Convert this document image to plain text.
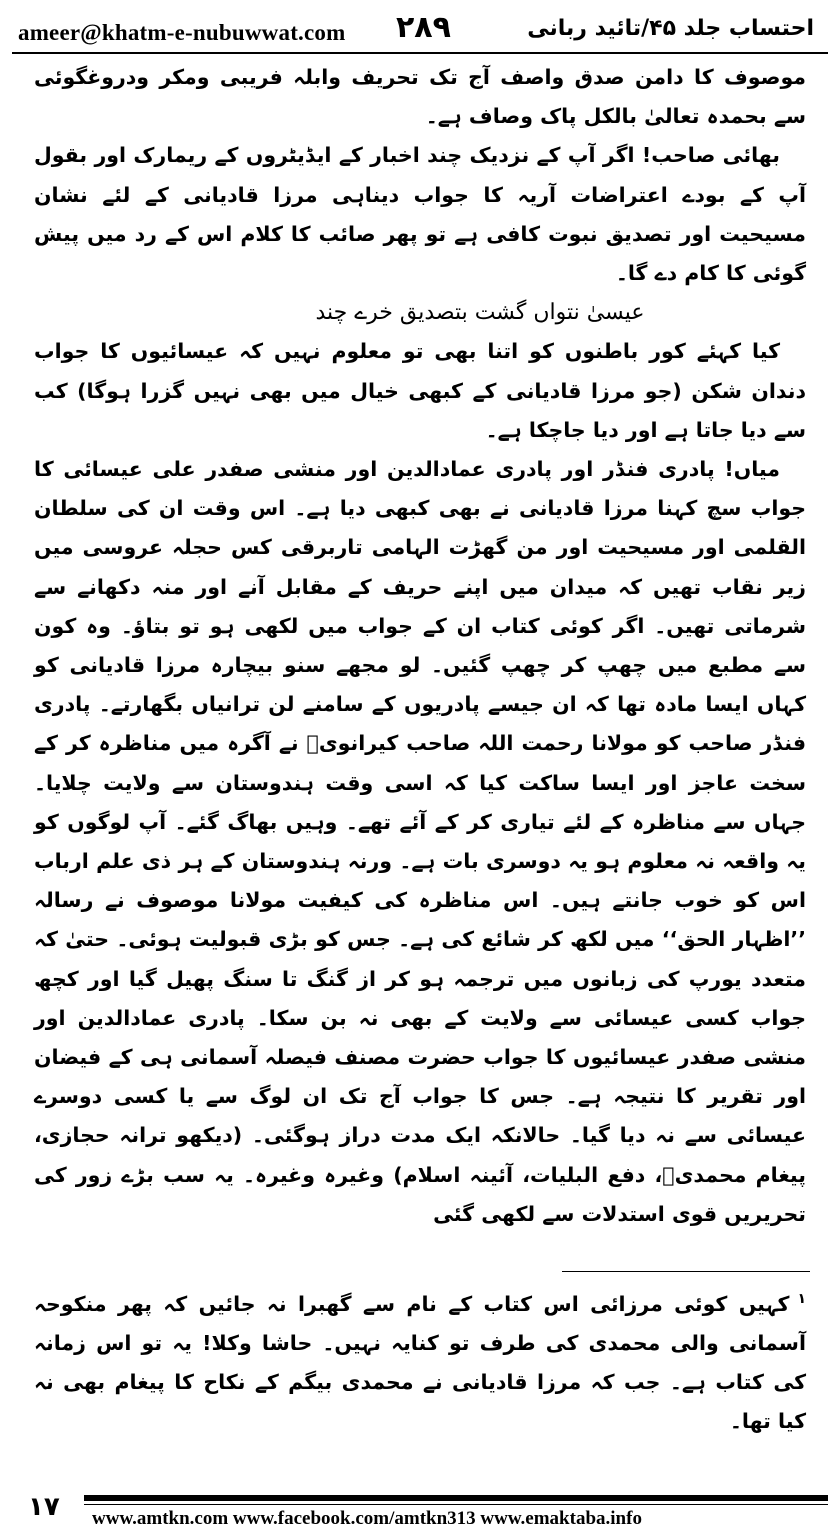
ameer@khatm-e-nubuwwat.com ۲۸۹	احتساب جلد ۴۵/تائید ربانی

موصوف کا دامن صدق واصف آج تک تحریف وابلہ فریبی ومکر ودروغگوئی سے بحمدہ تعالیٰ بالکل پاک وصاف ہے۔

بھائی صاحب! اگر آپ کے نزدیک چند اخبار کے ایڈیٹروں کے ریمارک اور بقول آپ کے بودے اعتراضات آریہ کا جواب دیناہی مرزا قادیانی کے لئے نشان مسیحیت اور تصدیق نبوت کافی ہے تو پھر صائب کا کلام اس کے رد میں پیش گوئی کا کام دے گا۔

عیسیٰ نتواں گشت بتصدیق خرے چند

کیا کہئے کور باطنوں کو اتنا بھی تو معلوم نہیں کہ عیسائیوں کا جواب دندان شکن (جو مرزا قادیانی کے کبھی خیال میں بھی نہیں گزرا ہوگا) کب سے دیا جاتا ہے اور دیا جاچکا ہے۔

میاں! پادری فنڈر اور پادری عمادالدین اور منشی صفدر علی عیسائی کا جواب سچ کہنا مرزا قادیانی نے بھی کبھی دیا ہے۔ اس وقت ان کی سلطان القلمی اور مسیحیت اور من گھڑت الہامی تاربرقی کس حجلہ عروسی میں زیر نقاب تھیں کہ میدان میں اپنے حریف کے مقابل آنے اور منہ دکھانے سے شرماتی تھیں۔ اگر کوئی کتاب ان کے جواب میں لکھی ہو تو بتاؤ۔ وہ کون سے مطبع میں چھپ کر چھپ گئیں۔ لو مجھے سنو بیچارہ مرزا قادیانی کو کہاں ایسا مادہ تھا کہ ان جیسے پادریوں کے سامنے لن ترانیاں بگھارتے۔ پادری فنڈر صاحب کو مولانا رحمت اللہ صاحب کیرانویؒ نے آگرہ میں مناظرہ کر کے سخت عاجز اور ایسا ساکت کیا کہ اسی وقت ہندوستان سے ولایت چلایا۔ جہاں سے مناظرہ کے لئے تیاری کر کے آئے تھے۔ وہیں بھاگ گئے۔ آپ لوگوں کو یہ واقعہ نہ معلوم ہو یہ دوسری بات ہے۔ ورنہ ہندوستان کے ہر ذی علم ارباب اس کو خوب جانتے ہیں۔ اس مناظرہ کی کیفیت مولانا موصوف نے رسالہ ’’اظہار الحق‘‘ میں لکھ کر شائع کی ہے۔ جس کو بڑی قبولیت ہوئی۔ حتیٰ کہ متعدد یورپ کی زبانوں میں ترجمہ ہو کر از گنگ تا سنگ پھیل گیا اور کچھ جواب کسی عیسائی سے ولایت کے بھی نہ بن سکا۔ پادری عمادالدین اور منشی صفدر عیسائیوں کا جواب حضرت مصنف فیصلہ آسمانی ہی کے فیضان اور تقریر کا نتیجہ ہے۔ جس کا جواب آج تک ان لوگ سے یا کسی دوسرے عیسائی سے نہ دیا گیا۔ حالانکہ ایک مدت دراز ہوگئی۔ (دیکھو ترانہ حجازی، پیغام محمدیؐ، دفع البلیات، آئینہ اسلام) وغیرہ وغیرہ۔ یہ سب بڑے زور کی تحریریں قوی استدلات سے لکھی گئی

$^۱$کہیں کوئی مرزائی اس کتاب کے نام سے گھبرا نہ جائیں کہ پھر منکوحہ آسمانی والی محمدی کی طرف تو کنایہ نہیں۔ حاشا وکلا! یہ تو اس زمانہ کی کتاب ہے۔ جب کہ مرزا قادیانی نے محمدی بیگم کے نکاح کا پیغام بھی نہ کیا تھا۔

۱۷ www.amtkn.com www.facebook.com/amtkn313 www.emaktaba.info
